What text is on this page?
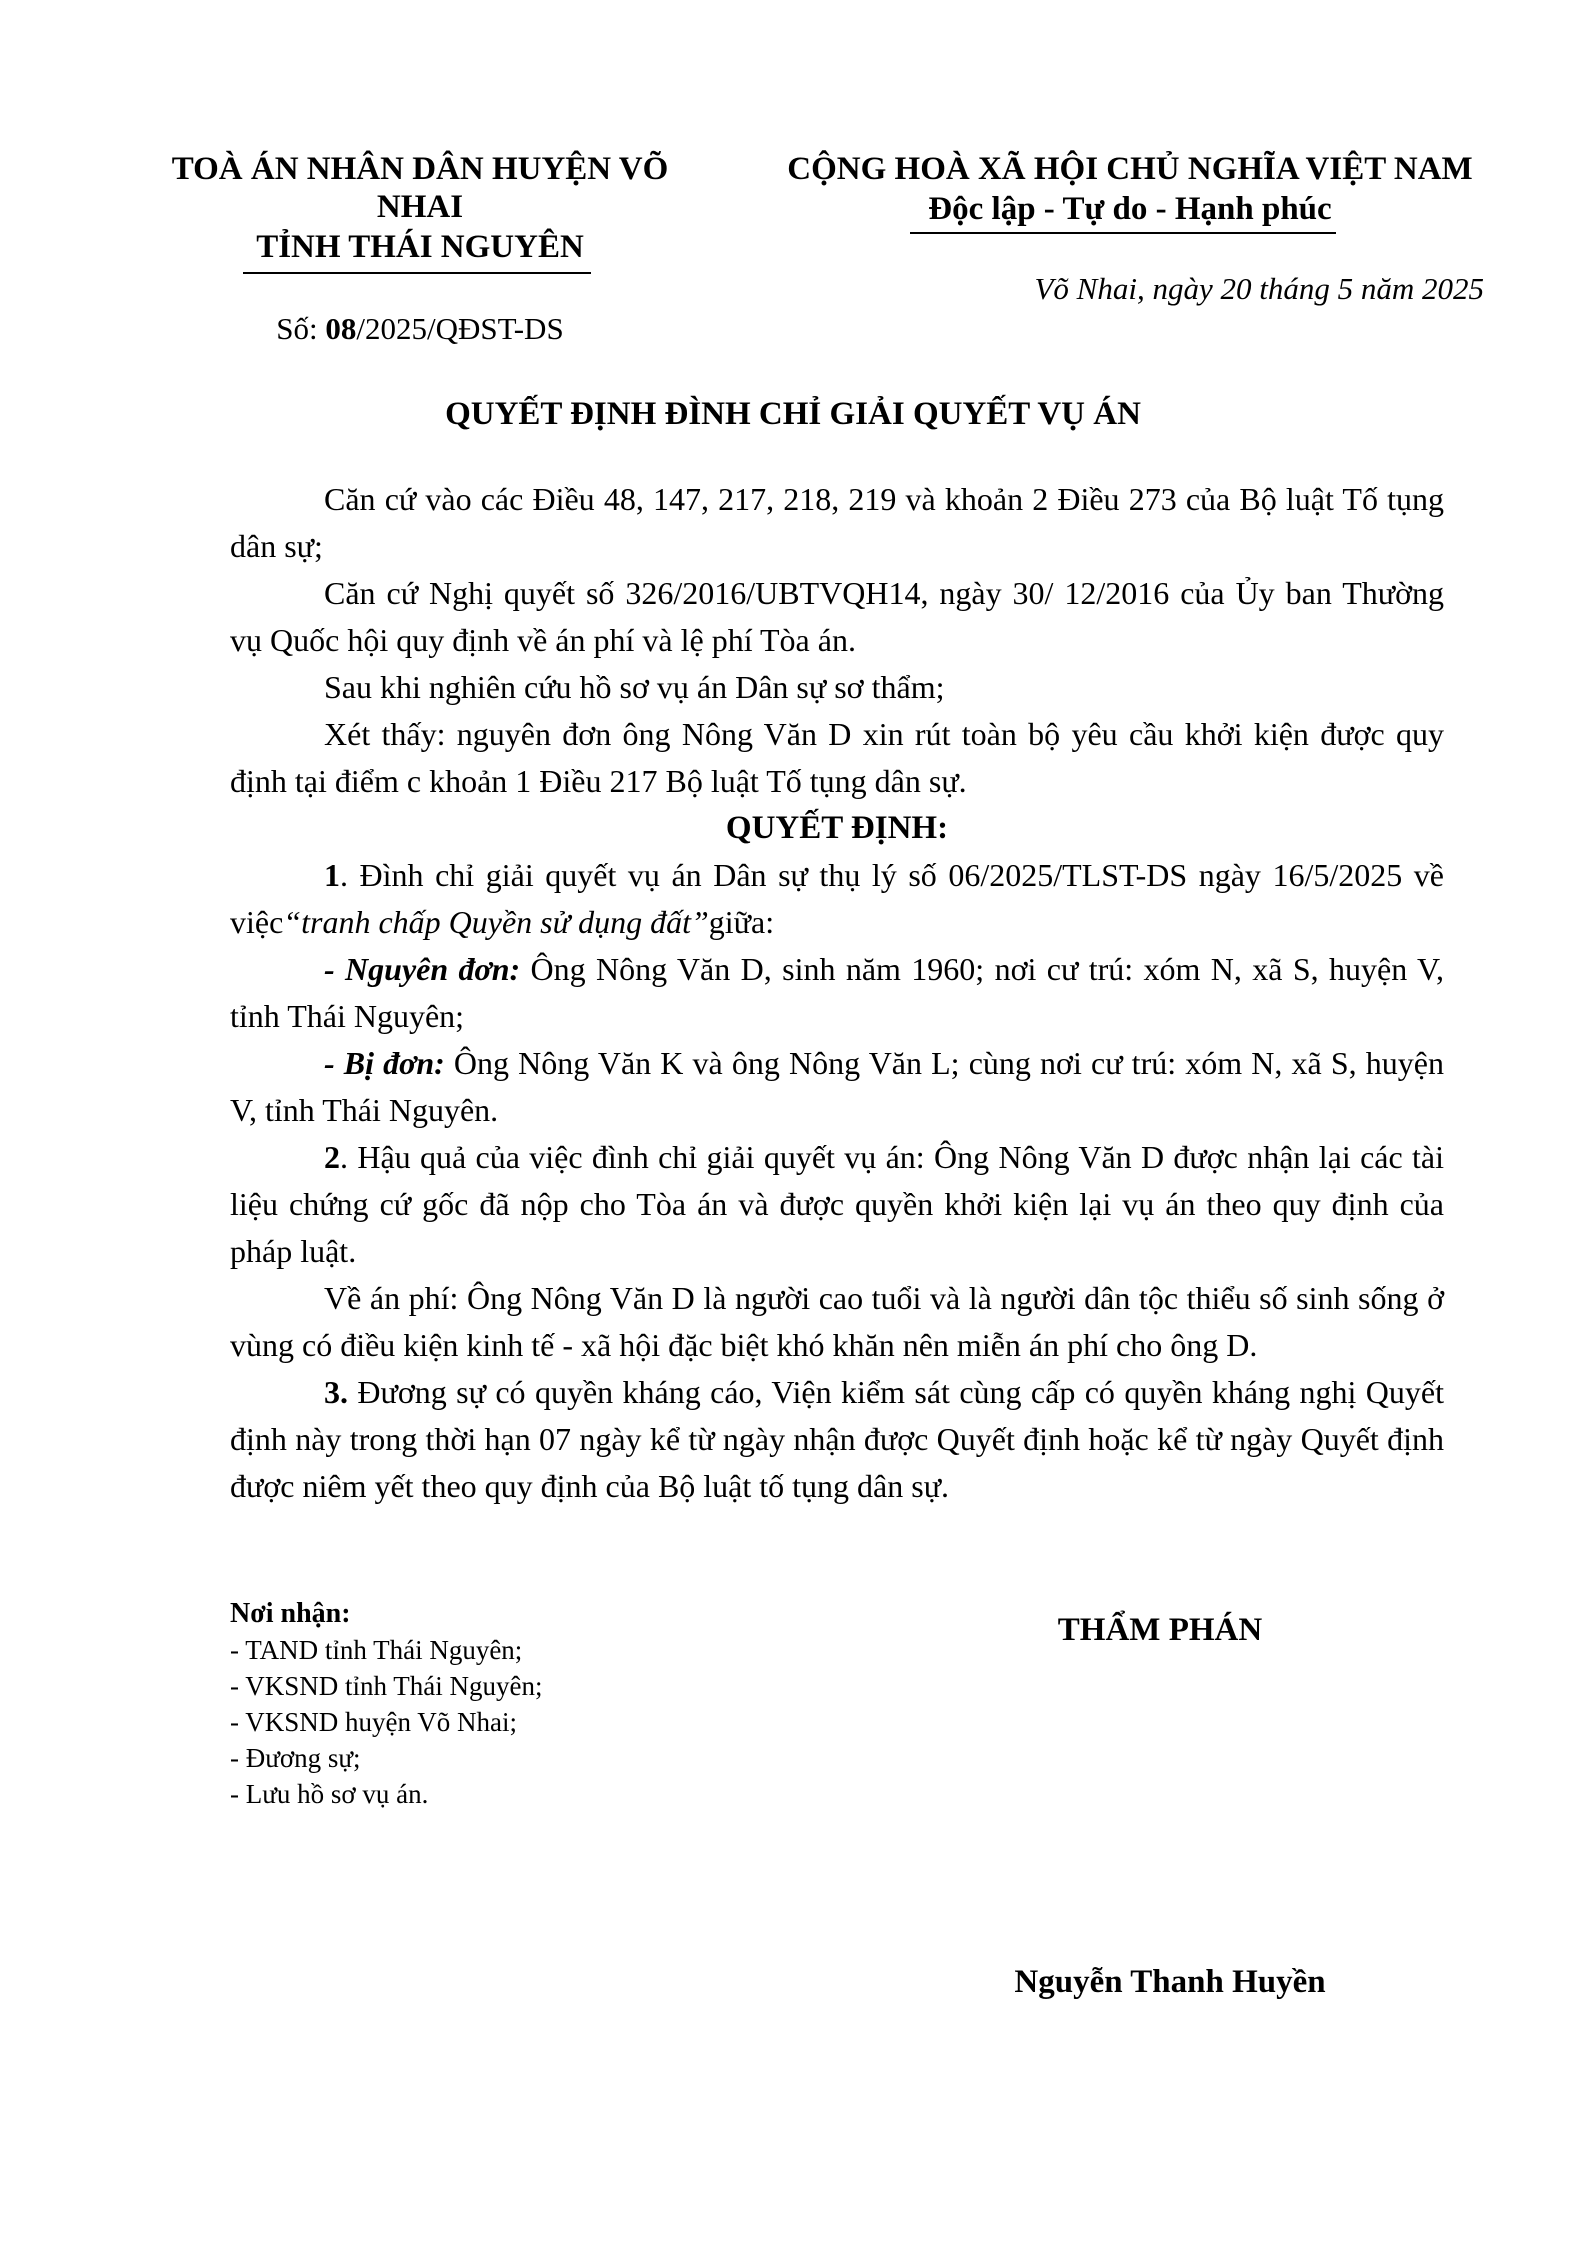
TOÀ ÁN NHÂN DÂN HUYỆN VÕ NHAI
TỈNH THÁI NGUYÊN
Số: 08/2025/QĐST-DS
CỘNG HOÀ XÃ HỘI CHỦ NGHĨA VIỆT NAM
Độc lập - Tự do - Hạnh phúc
Võ Nhai, ngày 20 tháng 5 năm 2025
QUYẾT ĐỊNH ĐÌNH CHỈ GIẢI QUYẾT VỤ ÁN

Căn cứ vào các Điều 48, 147, 217, 218, 219 và khoản 2 Điều 273 của Bộ luật Tố tụng dân sự;

Căn cứ Nghị quyết số 326/2016/UBTVQH14, ngày 30/ 12/2016 của Ủy ban Thường vụ Quốc hội quy định về án phí và lệ phí Tòa án.

Sau khi nghiên cứu hồ sơ vụ án Dân sự sơ thẩm;

Xét thấy: nguyên đơn ông Nông Văn D xin rút toàn bộ yêu cầu khởi kiện được quy định tại điểm c khoản 1 Điều 217 Bộ luật Tố tụng dân sự.

QUYẾT ĐỊNH:

1. Đình chỉ giải quyết vụ án Dân sự thụ lý số 06/2025/TLST-DS ngày 16/5/2025 về việc“tranh chấp Quyền sử dụng đất”giữa:

- Nguyên đơn: Ông Nông Văn D, sinh năm 1960; nơi cư trú: xóm N, xã S, huyện V, tỉnh Thái Nguyên;

- Bị đơn: Ông Nông Văn K và ông Nông Văn L; cùng nơi cư trú: xóm N, xã S, huyện V, tỉnh Thái Nguyên.

2. Hậu quả của việc đình chỉ giải quyết vụ án: Ông Nông Văn D được nhận lại các tài liệu chứng cứ gốc đã nộp cho Tòa án và được quyền khởi kiện lại vụ án theo quy định của pháp luật.

Về án phí: Ông Nông Văn D là người cao tuổi và là người dân tộc thiểu số sinh sống ở vùng có điều kiện kinh tế - xã hội đặc biệt khó khăn nên miễn án phí cho ông D.

3. Đương sự có quyền kháng cáo, Viện kiểm sát cùng cấp có quyền kháng nghị Quyết định này trong thời hạn 07 ngày kể từ ngày nhận được Quyết định hoặc kể từ ngày Quyết định được niêm yết theo quy định của Bộ luật tố tụng dân sự.

Nơi nhận:
- TAND tỉnh Thái Nguyên;
- VKSND tỉnh Thái Nguyên;
- VKSND huyện Võ Nhai;
- Đương sự;
- Lưu hồ sơ vụ án.
THẨM PHÁN
Nguyễn Thanh Huyền
